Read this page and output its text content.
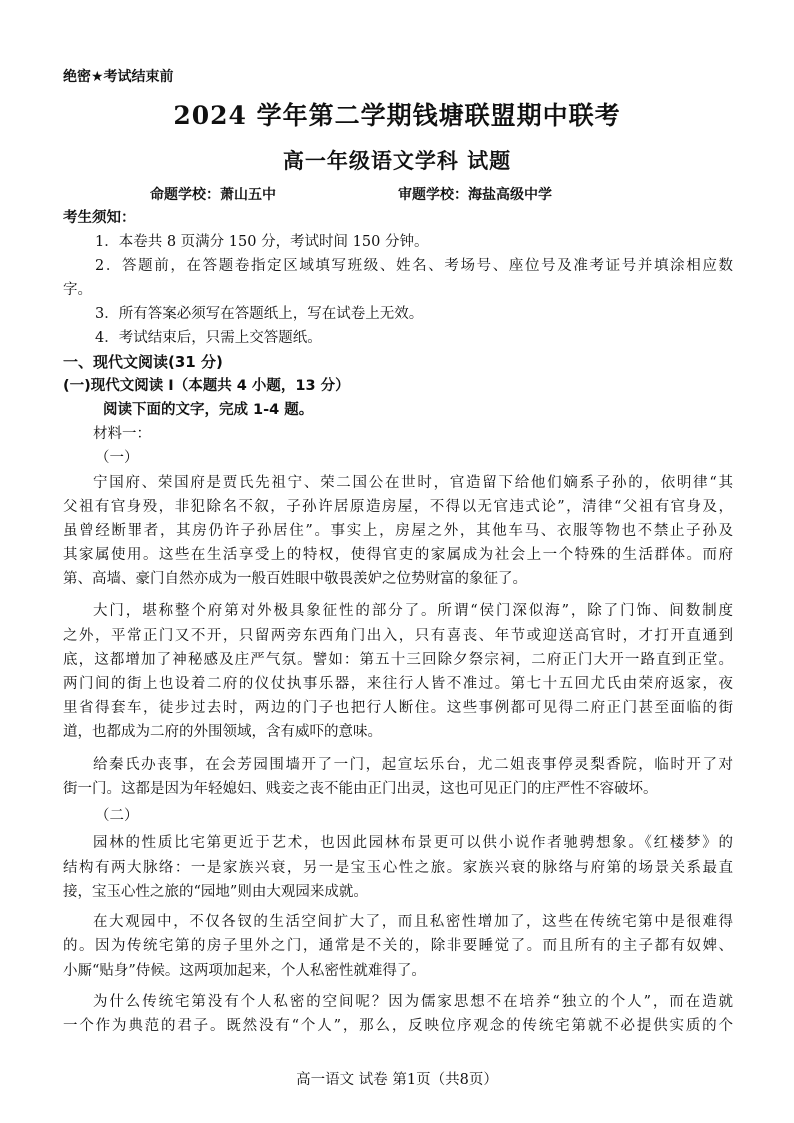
绝密★考试结束前
2024 学年第二学期钱塘联盟期中联考
高一年级语文学科 试题
命题学校：萧山五中	审题学校：海盐高级中学
考生须知：
1．本卷共 8 页满分 150 分，考试时间 150 分钟。
2．答题前，在答题卷指定区域填写班级、姓名、考场号、座位号及准考证号并填涂相应数
字。
3．所有答案必须写在答题纸上，写在试卷上无效。
4．考试结束后，只需上交答题纸。
一、现代文阅读(31 分)
(一)现代文阅读 I（本题共 4 小题，13 分）
阅读下面的文字，完成 1-4 题。
材料一：
（一）
宁国府、荣国府是贾氏先祖宁、荣二国公在世时，官造留下给他们嫡系子孙的，依明律“其
父祖有官身殁，非犯除名不叙，子孙许居原造房屋，不得以无官违式论”，清律“父祖有官身及，
虽曾经断罪者，其房仍许子孙居住”。事实上，房屋之外，其他车马、衣服等物也不禁止子孙及
其家属使用。这些在生活享受上的特权，使得官吏的家属成为社会上一个特殊的生活群体。而府
第、高墙、豪门自然亦成为一般百姓眼中敬畏羡妒之位势财富的象征了。
大门，堪称整个府第对外极具象征性的部分了。所谓“侯门深似海”，除了门饰、间数制度
之外，平常正门又不开，只留两旁东西角门出入，只有喜丧、年节或迎送高官时，才打开直通到
底，这都增加了神秘感及庄严气氛。譬如：第五十三回除夕祭宗祠，二府正门大开一路直到正堂。
两门间的街上也设着二府的仪仗执事乐器，来往行人皆不准过。第七十五回尤氏由荣府返家，夜
里省得套车，徒步过去时，两边的门子也把行人断住。这些事例都可见得二府正门甚至面临的街
道，也都成为二府的外围领域，含有威吓的意味。
给秦氏办丧事，在会芳园围墙开了一门，起宣坛乐台，尤二姐丧事停灵梨香院，临时开了对
街一门。这都是因为年轻媳妇、贱妾之丧不能由正门出灵，这也可见正门的庄严性不容破坏。
（二）
园林的性质比宅第更近于艺术，也因此园林布景更可以供小说作者驰骋想象。《红楼梦》的
结构有两大脉络：一是家族兴衰，另一是宝玉心性之旅。家族兴衰的脉络与府第的场景关系最直
接，宝玉心性之旅的“园地”则由大观园来成就。
在大观园中，不仅各钗的生活空间扩大了，而且私密性增加了，这些在传统宅第中是很难得
的。因为传统宅第的房子里外之门，通常是不关的，除非要睡觉了。而且所有的主子都有奴婢、
小厮“贴身”侍候。这两项加起来，个人私密性就难得了。
为什么传统宅第没有个人私密的空间呢？因为儒家思想不在培养“独立的个人”，而在造就
一个作为典范的君子。既然没有“个人”，那么，反映位序观念的传统宅第就不必提供实质的个
高一语文 试卷 第1页（共8页）
